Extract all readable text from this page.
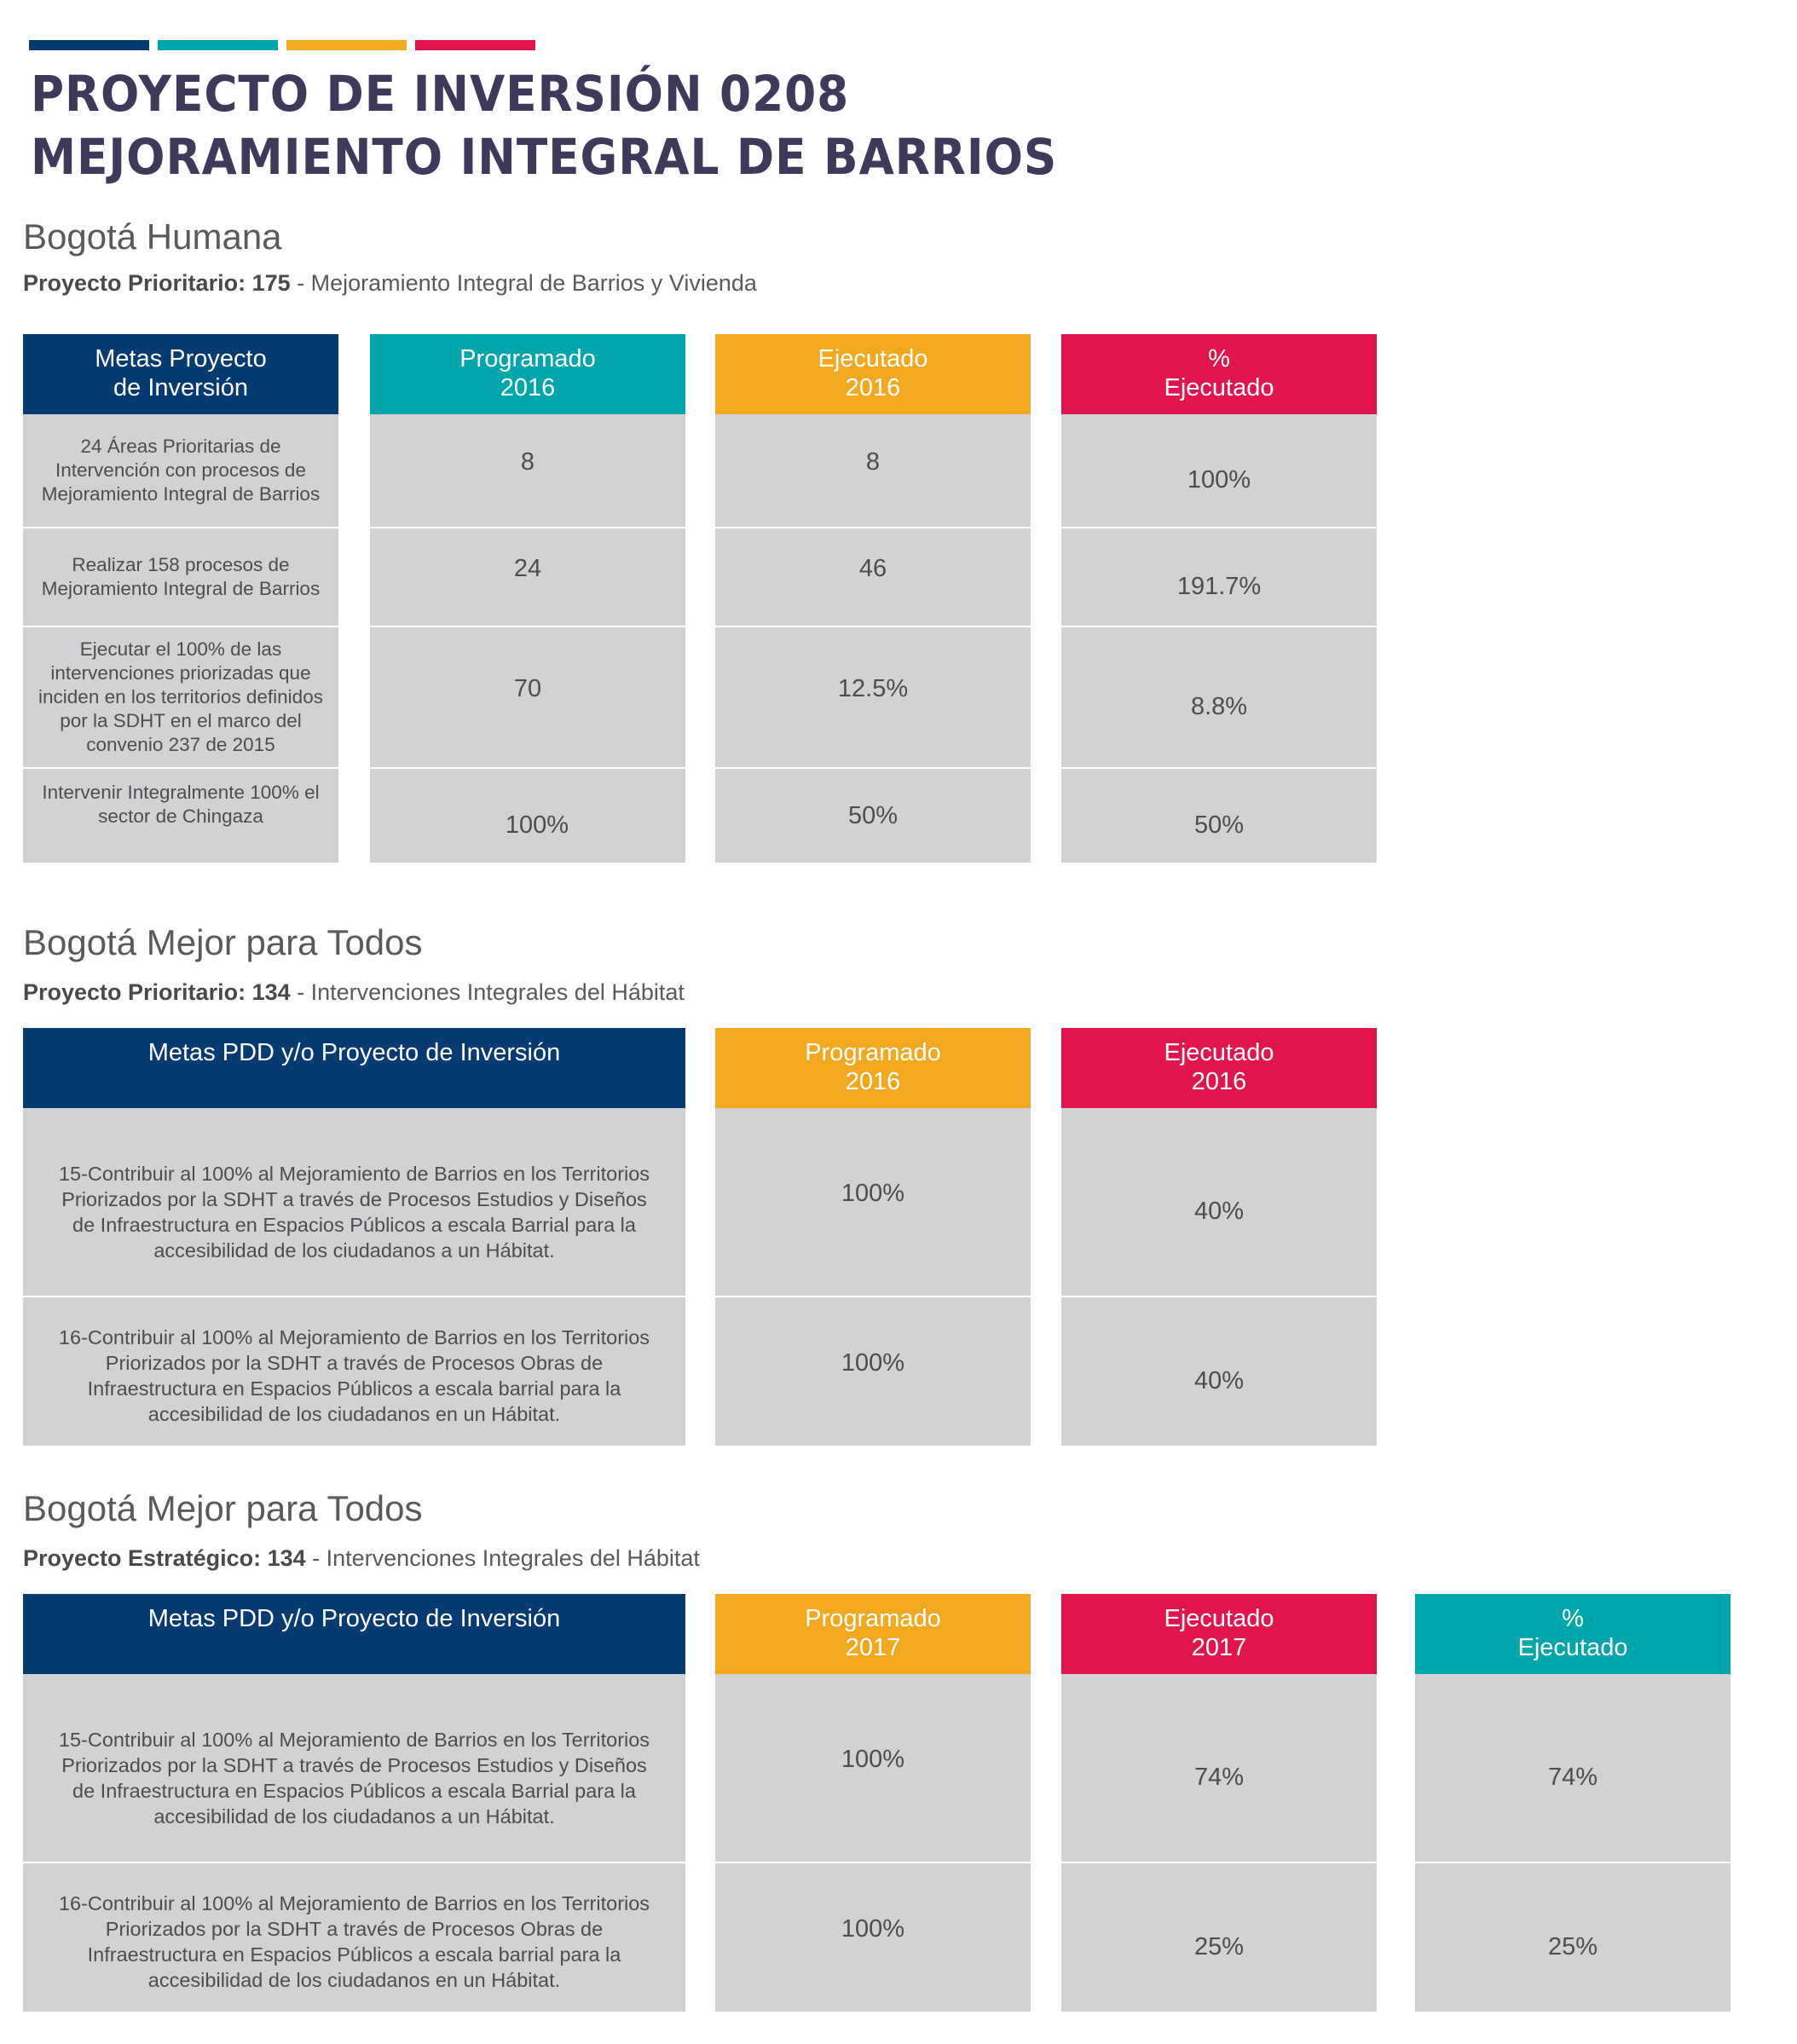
PROYECTO DE INVERSIÓN 0208
MEJORAMIENTO INTEGRAL DE BARRIOS
Bogotá Humana

Proyecto Prioritario: 175 - Mejoramiento Integral de Barrios y Vivienda

Metas Proyecto
de Inversión
24 Áreas Prioritarias de Intervención con procesos de Mejoramiento Integral de Barrios
Realizar 158 procesos de Mejoramiento Integral de Barrios
Ejecutar el 100% de las intervenciones priorizadas que inciden en los territorios definidos por la SDHT en el marco del convenio 237 de 2015
Intervenir Integralmente 100% el sector de Chingaza
Programado
2016
8
24
70
100%
Ejecutado
2016
8
46
12.5%
50%
%
Ejecutado
100%
191.7%
8.8%
50%
Bogotá Mejor para Todos

Proyecto Prioritario: 134 - Intervenciones Integrales del Hábitat

Metas PDD y/o Proyecto de Inversión
15-Contribuir al 100% al Mejoramiento de Barrios en los Territorios Priorizados por la SDHT a través de Procesos Estudios y Diseños de Infraestructura en Espacios Públicos a escala Barrial para la accesibilidad de los ciudadanos a un Hábitat.
16-Contribuir al 100% al Mejoramiento de Barrios en los Territorios Priorizados por la SDHT a través de Procesos Obras de Infraestructura en Espacios Públicos a escala barrial para la accesibilidad de los ciudadanos en un Hábitat.
Programado
2016
100%
100%
Ejecutado
2016
40%
40%
Bogotá Mejor para Todos

Proyecto Estratégico: 134 - Intervenciones Integrales del Hábitat

Metas PDD y/o Proyecto de Inversión
15-Contribuir al 100% al Mejoramiento de Barrios en los Territorios Priorizados por la SDHT a través de Procesos Estudios y Diseños de Infraestructura en Espacios Públicos a escala Barrial para la accesibilidad de los ciudadanos a un Hábitat.
16-Contribuir al 100% al Mejoramiento de Barrios en los Territorios Priorizados por la SDHT a través de Procesos Obras de Infraestructura en Espacios Públicos a escala barrial para la accesibilidad de los ciudadanos en un Hábitat.
Programado
2017
100%
100%
Ejecutado
2017
74%
25%
%
Ejecutado
74%
25%
